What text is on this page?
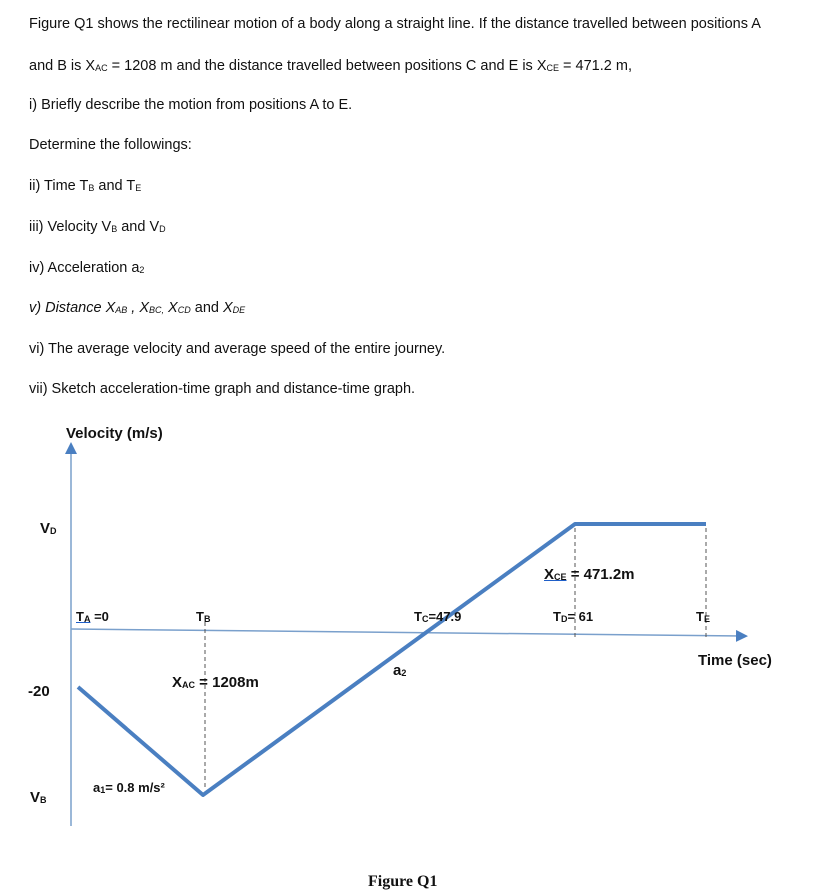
Figure Q1 shows the rectilinear motion of a body along a straight line. If the distance travelled between positions A
and B is $X_{AC} = 1208$ m and the distance travelled between positions C and E is $X_{CE} = 471.2$ m,
i) Briefly describe the motion from positions A to E.
Determine the followings:
ii) Time $T_B$ and $T_E$
iii) Velocity $V_B$ and $V_D$
iv) Acceleration $a_2$
v) Distance $X_{AB}$ , $X_{BC,}$ $X_{CD}$ and $X_{DE}$
vi) The average velocity and average speed of the entire journey.
vii) Sketch acceleration-time graph and distance-time graph.
Velocity (m/s)
$V_D$
-20
$V_B$
$T_A =0$	$T_B$	$T_C=47.9$	$T_D= 61$	$T_E$
$X_{CE} = 471.2m$
$X_{AC} = 1208m$
$a_2$
$a_1= 0.8$ m/s²
Time (sec)
Figure Q1
